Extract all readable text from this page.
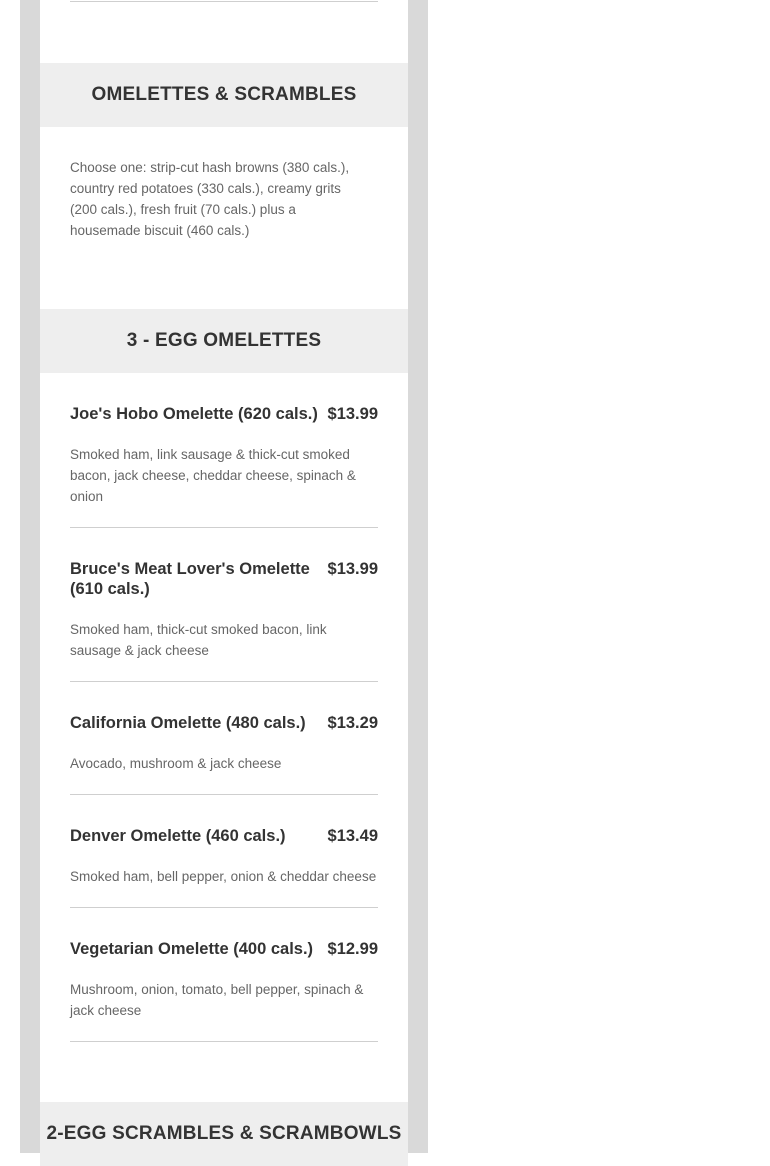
OMELETTES & SCRAMBLES
Choose one: strip-cut hash browns (380 cals.), country red potatoes (330 cals.), creamy grits (200 cals.), fresh fruit (70 cals.) plus a housemade biscuit (460 cals.)
3 - EGG OMELETTES
Joe's Hobo Omelette (620 cals.) $13.99
Smoked ham, link sausage & thick-cut smoked bacon, jack cheese, cheddar cheese, spinach & onion
Bruce's Meat Lover's Omelette (610 cals.)
$13.99
Smoked ham, thick-cut smoked bacon, link sausage & jack cheese
California Omelette (480 cals.) $13.29
Avocado, mushroom & jack cheese
Denver Omelette (460 cals.)	$13.49
Smoked ham, bell pepper, onion & cheddar cheese
Vegetarian Omelette (400 cals.) $12.99
Mushroom, onion, tomato, bell pepper, spinach & jack cheese
2-EGG SCRAMBLES & SCRAMBOWLS
